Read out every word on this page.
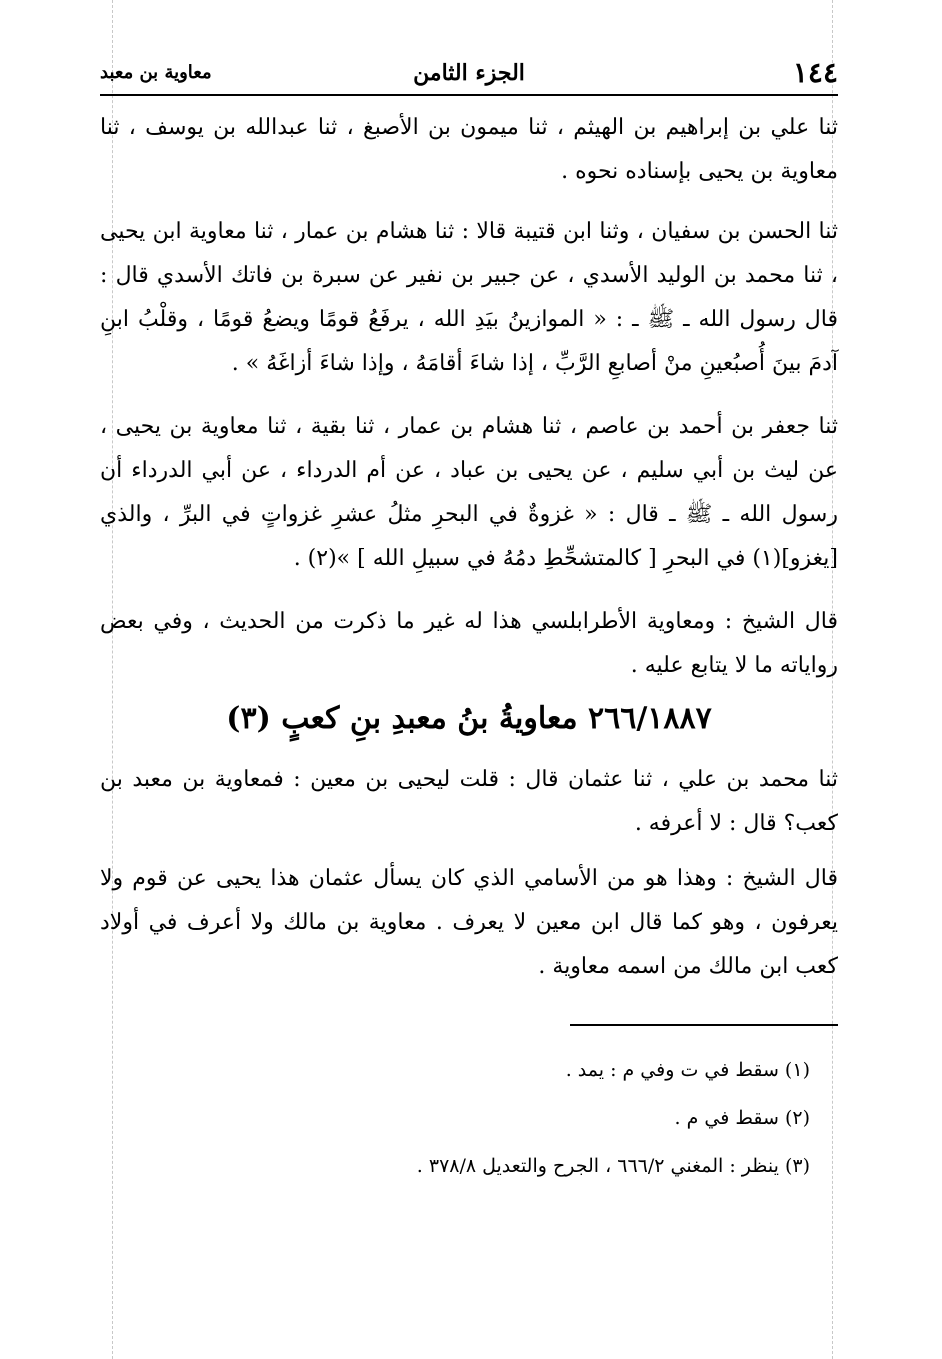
١٤٤
الجزء الثامن
معاوية بن معبد

ثنا علي بن إبراهيم بن الهيثم ، ثنا ميمون بن الأصبغ ، ثنا عبدالله بن يوسف ، ثنا معاوية بن يحيى بإسناده نحوه .

ثنا الحسن بن سفيان ، وثنا ابن قتيبة قالا : ثنا هشام بن عمار ، ثنا معاوية ابن يحيى ، ثنا محمد بن الوليد الأسدي ، عن جبير بن نفير عن سبرة بن فاتك الأسدي قال : قال رسول الله ـ ﷺ ـ : « الموازينُ بيَدِ الله ، يرفَعُ قومًا ويضعُ قومًا ، وقلْبُ ابنِ آدمَ بينَ أُصبُعينِ منْ أصابعِ الرَّبِّ ، إذا شاءَ أقامَهُ ، وإذا شاءَ أزاغَهُ » .

ثنا جعفر بن أحمد بن عاصم ، ثنا هشام بن عمار ، ثنا بقية ، ثنا معاوية بن يحيى ، عن ليث بن أبي سليم ، عن يحيى بن عباد ، عن أم الدرداء ، عن أبي الدرداء أن رسول الله ـ ﷺ ـ قال : « غزوةٌ في البحرِ مثلُ عشرِ غزواتٍ في البرِّ ، والذي [يغزو](١) في البحرِ [ كالمتشحِّطِ دمُهُ في سبيلِ الله ] »(٢) .

قال الشيخ : ومعاوية الأطرابلسي هذا له غير ما ذكرت من الحديث ، وفي بعض رواياته ما لا يتابع عليه .

٢٦٦/١٨٨٧ معاويةُ بنُ معبدِ بنِ كعبٍ (٣)

ثنا محمد بن علي ، ثنا عثمان قال : قلت ليحيى بن معين : فمعاوية بن معبد بن كعب؟ قال : لا أعرفه .

قال الشيخ : وهذا هو من الأسامي الذي كان يسأل عثمان هذا يحيى عن قوم ولا يعرفون ، وهو كما قال ابن معين لا يعرف . معاوية بن مالك ولا أعرف في أولاد كعب ابن مالك من اسمه معاوية .

(١) سقط في ت وفي م : يمد .
(٢) سقط في م .
(٣) ينظر : المغني ٦٦٦/٢ ، الجرح والتعديل ٣٧٨/٨ .
